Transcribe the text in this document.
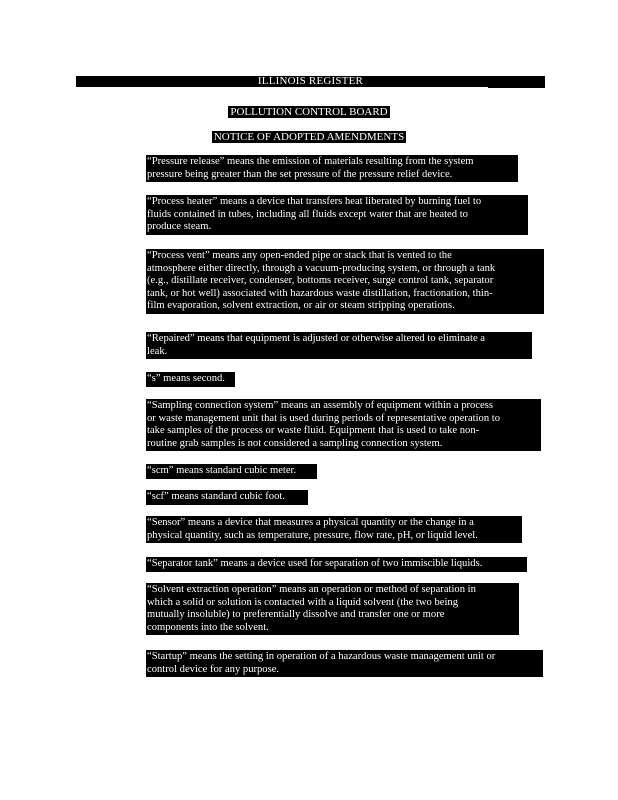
ILLINOIS REGISTER
POLLUTION CONTROL BOARD
NOTICE OF ADOPTED AMENDMENTS

“Pressure release” means the emission of materials resulting from the system

pressure being greater than the set pressure of the pressure relief device.

“Process heater” means a device that transfers heat liberated by burning fuel to

fluids contained in tubes, including all fluids except water that are heated to

produce steam.

“Process vent” means any open-ended pipe or stack that is vented to the

atmosphere either directly, through a vacuum-producing system, or through a tank

(e.g., distillate receiver, condenser, bottoms receiver, surge control tank, separator

tank, or hot well) associated with hazardous waste distillation, fractionation, thin-

film evaporation, solvent extraction, or air or steam stripping operations.

“Repaired” means that equipment is adjusted or otherwise altered to eliminate a

leak.

“s” means second.

“Sampling connection system” means an assembly of equipment within a process

or waste management unit that is used during periods of representative operation to

take samples of the process or waste fluid. Equipment that is used to take non-

routine grab samples is not considered a sampling connection system.

“scm” means standard cubic meter.

“scf” means standard cubic foot.

“Sensor” means a device that measures a physical quantity or the change in a

physical quantity, such as temperature, pressure, flow rate, pH, or liquid level.

“Separator tank” means a device used for separation of two immiscible liquids.

“Solvent extraction operation” means an operation or method of separation in

which a solid or solution is contacted with a liquid solvent (the two being

mutually insoluble) to preferentially dissolve and transfer one or more

components into the solvent.

“Startup” means the setting in operation of a hazardous waste management unit or

control device for any purpose.
